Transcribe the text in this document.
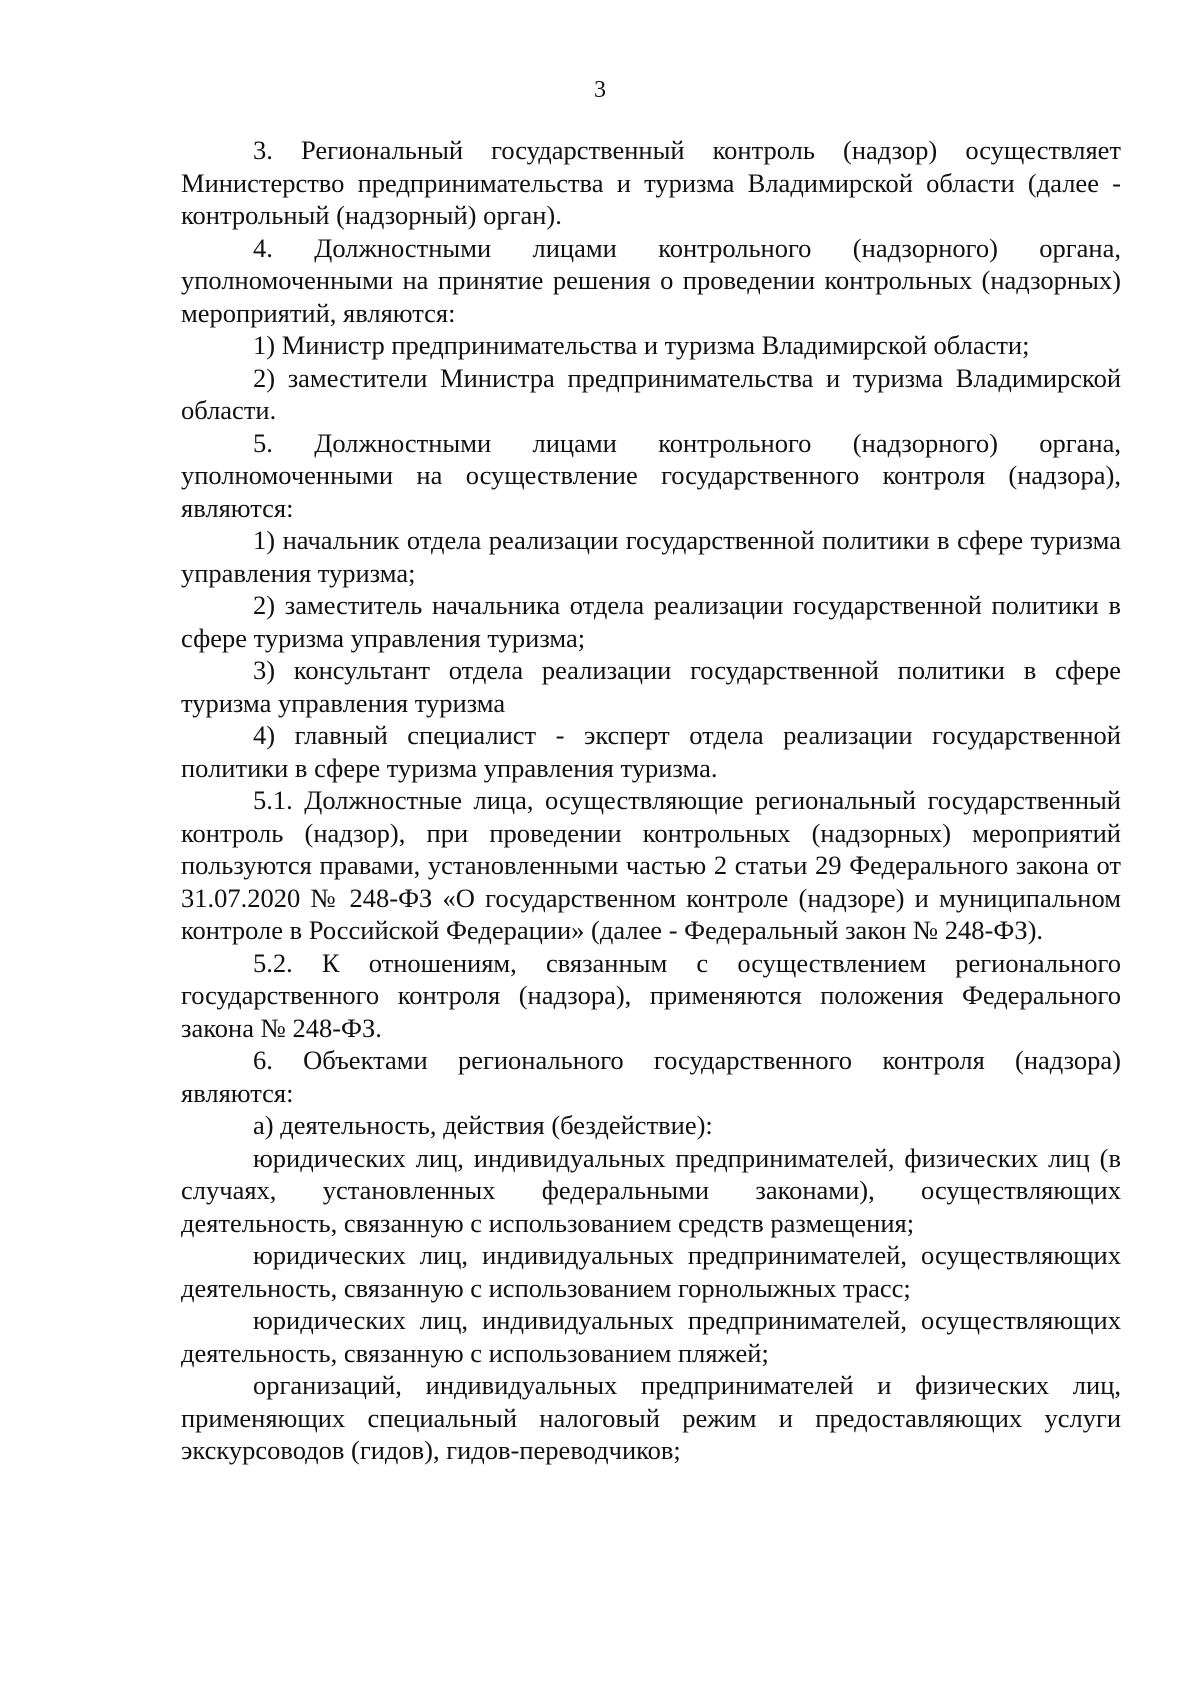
3

3. Региональный государственный контроль (надзор) осуществляет Министерство предпринимательства и туризма Владимирской области (далее - контрольный (надзорный) орган).

4. Должностными лицами контрольного (надзорного) органа, уполномоченными на принятие решения о проведении контрольных (надзорных) мероприятий, являются:

1) Министр предпринимательства и туризма Владимирской области;

2) заместители Министра предпринимательства и туризма Владимирской области.

5. Должностными лицами контрольного (надзорного) органа, уполномоченными на осуществление государственного контроля (надзора), являются:

1) начальник отдела реализации государственной политики в сфере туризма управления туризма;

2) заместитель начальника отдела реализации государственной политики в сфере туризма управления туризма;

3) консультант отдела реализации государственной политики в сфере туризма управления туризма

4) главный специалист - эксперт отдела реализации государственной политики в сфере туризма управления туризма.

5.1. Должностные лица, осуществляющие региональный государственный контроль (надзор), при проведении контрольных (надзорных) мероприятий пользуются правами, установленными частью 2 статьи 29 Федерального закона от 31.07.2020 № 248-ФЗ «О государственном контроле (надзоре) и муниципальном контроле в Российской Федерации» (далее - Федеральный закон № 248-ФЗ).

5.2. К отношениям, связанным с осуществлением регионального государственного контроля (надзора), применяются положения Федерального закона № 248-ФЗ.

6. Объектами регионального государственного контроля (надзора) являются:

а) деятельность, действия (бездействие):

юридических лиц, индивидуальных предпринимателей, физических лиц (в случаях, установленных федеральными законами), осуществляющих деятельность, связанную с использованием средств размещения;

юридических лиц, индивидуальных предпринимателей, осуществляющих деятельность, связанную с использованием горнолыжных трасс;

юридических лиц, индивидуальных предпринимателей, осуществляющих деятельность, связанную с использованием пляжей;

организаций, индивидуальных предпринимателей и физических лиц, применяющих специальный налоговый режим и предоставляющих услуги экскурсоводов (гидов), гидов-переводчиков;
